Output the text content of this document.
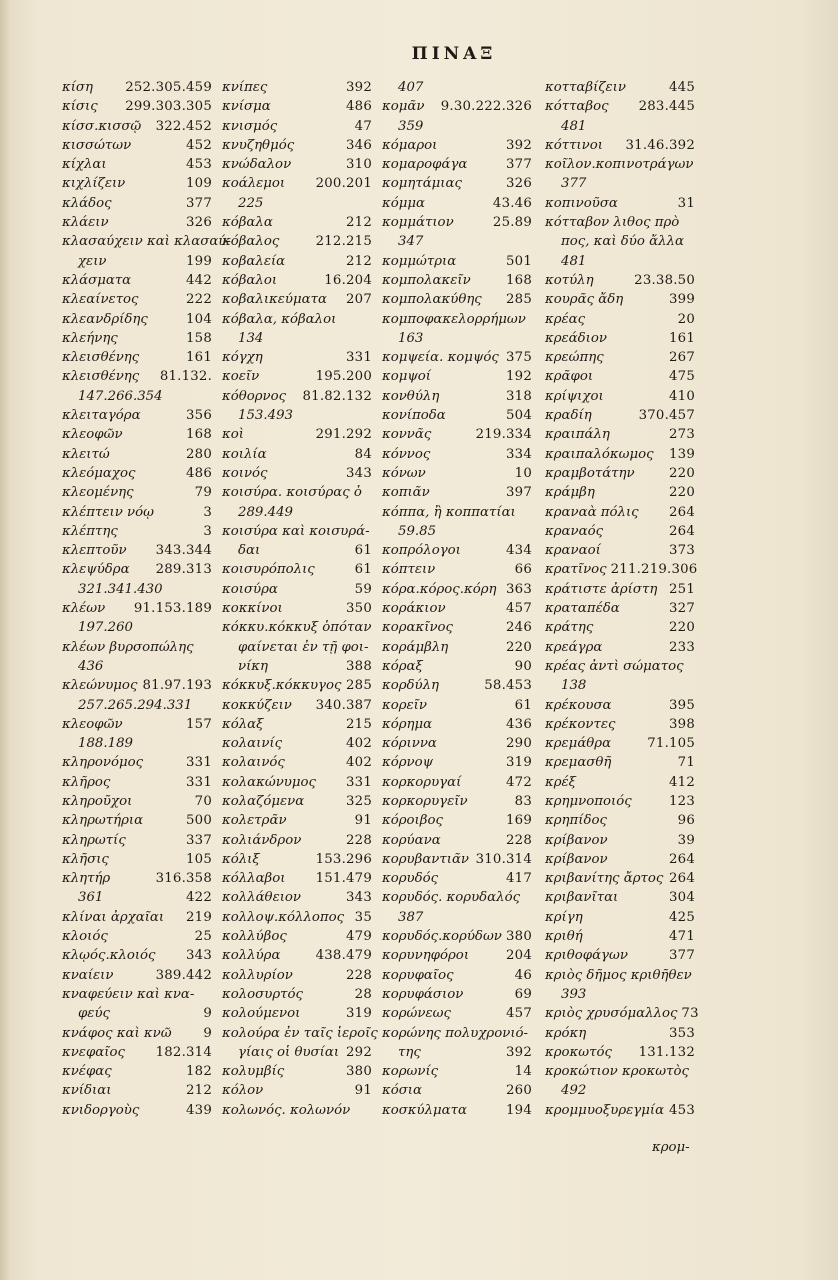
ΠΙΝΑΞ
κίση	252.305.459
κίσις	299.303.305
κίσσ.κισσῷ	322.452
κισσώτων	452
κίχλαι	453
κιχλίζειν	109
κλάδος	377
κλάειν	326
κλασαύχειν καὶ κλασαύ-
χειν	199
κλάσματα	442
κλεαίνετος	222
κλεανδρίδης	104
κλεήνης	158
κλεισθένης	161
κλεισθένης	81.132.
147.266.354
κλειταγόρα	356
κλεοφῶν	168
κλειτώ	280
κλεόμαχος	486
κλεομένης	79
κλέπτειν νόῳ	3
κλέπτης	3
κλεπτοῦν	343.344
κλεψύδρα	289.313
321.341.430
κλέων	91.153.189
197.260
κλέων βυρσοπώλης
436
κλεώνυμος 81.97.193
257.265.294.331
κλεοφῶν	157
188.189
κληρονόμος	331
κλῆρος	331
κληροῦχοι	70
κληρωτήρια	500
κληρωτίς	337
κλῆσις	105
κλητήρ	316.358
361	422
κλίναι ἀρχαῖαι	219
κλοιός	25
κλῳός.κλοιός	343
κναίειν	389.442
κναφεύειν καὶ κνα-
φεύς	9
κνάφος καὶ κνῶ	9
κνεφαῖος	182.314
κνέφας	182
κνίδιαι	212
κνιδοργοὺς	439
κνίπες	392
κνίσμα	486
κνισμός	47
κνυζηθμός	346
κνώδαλον	310
κοάλεμοι	200.201
225
κόβαλα	212
κόβαλος	212.215
κοβαλεία	212
κόβαλοι	16.204
κοβαλικεύματα	207
κόβαλα, κόβαλοι
134
κόγχη	331
κοεῖν	195.200
κόθορνος	81.82.132
153.493
κοὶ	291.292
κοιλία	84
κοινός	343
κοισύρα. κοισύρας ὁ
289.449
κοισύρα καὶ κοισυρά-
δαι	61
κοισυρόπολις	61
κοισύρα	59
κοκκίνοι	350
κόκκυ.κόκκυξ ὁπόταν
φαίνεται ἐν τῇ φοι-
νίκη	388
κόκκυξ.κόκκυγος 285
κοκκύζειν	340.387
κόλαξ	215
κολαινίς	402
κολαινός	402
κολακώνυμος	331
κολαζόμενα	325
κολετρᾶν	91
κολιάνδρον	228
κόλιξ	153.296
κόλλαβοι	151.479
κολλάθειον	343
κολλοψ.κόλλοπος 35
κολλύβος	479
κολλύρα	438.479
κολλυρίον	228
κολοσυρτός	28
κολούμενοι	319
κολούρα ἐν ταῖς ἱεροῖς
γίαις οἱ θυσίαι 292
κολυμβίς	380
κόλον	91
κολωνός. κολωνόν
407
κομᾶν	9.30.222.326
359
κόμαροι	392
κομαροφάγα	377
κομητάμιας	326
κόμμα	43.46
κομμάτιον	25.89
347
κομμώτρια	501
κομπολακεῖν	168
κομπολακύθης	285
κομποφακελορρήμων
163
κομψεία. κομψός 375
κομψοί	192
κονθύλη	318
κονίποδα	504
κοννᾶς	219.334
κόννος	334
κόνων	10
κοπιᾶν	397
κόππα, ἢ κοππατίαι
59.85
κοπρόλογοι	434
κόπτειν	66
κόρα.κόρος.κόρη 363
κοράκιον	457
κορακῖνος	246
κοράμβλη	220
κόραξ	90
κορδύλη	58.453
κορεῖν	61
κόρημα	436
κόριννα	290
κόρνοψ	319
κορκορυγαί	472
κορκορυγεῖν	83
κόροιβος	169
κορύανα	228
κορυβαντιᾶν 310.314
κορυδός	417
κορυδός. κορυδαλός
387
κορυδός.κορύδων 380
κορυνηφόροι	204
κορυφαῖος	46
κορυφάσιον	69
κορώνεως	457
κορώνης πολυχρονιό-
της	392
κορωνίς	14
κόσια	260
κοσκύλματα	194
κοτταβίζειν	445
κότταβος	283.445
481
κόττινοι	31.46.392
κοῖλον.κοπινοτράγων
377
κοπινοῦσα	31
κότταβον λιθος πρὸ
πος, καὶ δύο ἄλλα
481
κοτύλη	23.38.50
κουρᾶς ἄδη	399
κρέας	20
κρεάδιον	161
κρεώπης	267
κρᾶφοι	475
κρίψιχοι	410
κραδίη	370.457
κραιπάλη	273
κραιπαλόκωμος	139
κραμβοτάτην	220
κράμβη	220
κραναὰ πόλις	264
κραναός	264
κραναοί	373
κρατῖνος 211.219.306
κράτιστε ἀρίστη 251
κραταπέδα	327
κράτης	220
κρεάγρα	233
κρέας ἀντὶ σώματος
138
κρέκουσα	395
κρέκοντες	398
κρεμάθρα	71.105
κρεμασθῆ	71
κρέξ	412
κρημνοποιός	123
κρηπίδος	96
κρίβανον	39
κρίβανον	264
κριβανίτης ἄρτος 264
κριβανῖται	304
κρίγη	425
κριθή	471
κριθοφάγων	377
κριὸς δῆμος κριθῆθεν
393
κριὸς χρυσόμαλλος 73
κρόκη	353
κροκωτός	131.132
κροκώτιον κροκωτὸς
492
κρομμυοξυρεγμία 453
κρομ-
